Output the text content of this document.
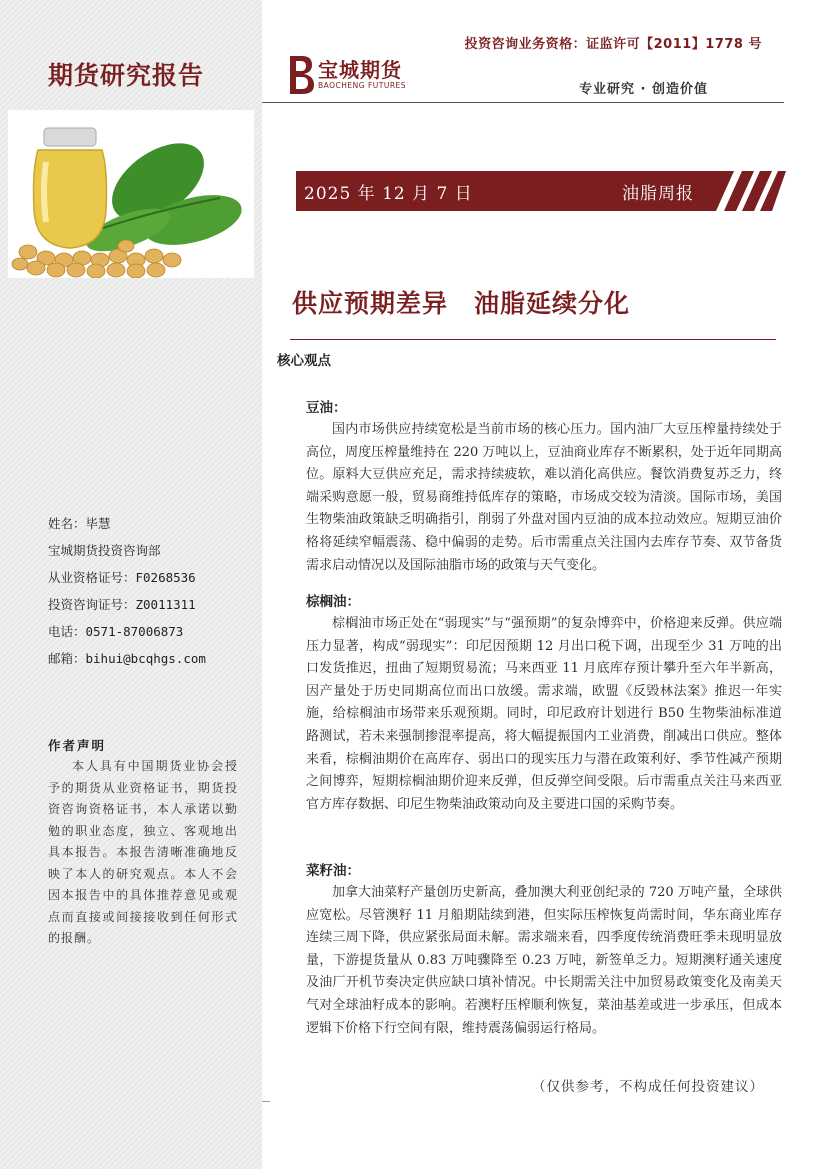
期货研究报告
姓名：毕慧
宝城期货投资咨询部
从业资格证号：F0268536
投资咨询证号：Z0011311
电话：0571-87006873
邮箱：bihui@bcqhgs.com
作者声明
本人具有中国期货业协会授予的期货从业资格证书，期货投资咨询资格证书，本人承诺以勤勉的职业态度，独立、客观地出具本报告。本报告清晰准确地反映了本人的研究观点。本人不会因本报告中的具体推荐意见或观点而直接或间接接收到任何形式的报酬。
投资咨询业务资格：证监许可【2011】1778 号
宝城期货
BAOCHENG FUTURES	专业研究 · 创造价值
2025 年 12 月 7 日	油脂周报
供应预期差异　油脂延续分化
核心观点
豆油：
国内市场供应持续宽松是当前市场的核心压力。国内油厂大豆压榨量持续处于高位，周度压榨量维持在 220 万吨以上，豆油商业库存不断累积，处于近年同期高位。原料大豆供应充足，需求持续疲软，难以消化高供应。餐饮消费复苏乏力，终端采购意愿一般，贸易商维持低库存的策略，市场成交较为清淡。国际市场，美国生物柴油政策缺乏明确指引，削弱了外盘对国内豆油的成本拉动效应。短期豆油价格将延续窄幅震荡、稳中偏弱的走势。后市需重点关注国内去库存节奏、双节备货需求启动情况以及国际油脂市场的政策与天气变化。
棕榈油：
棕榈油市场正处在“弱现实”与“强预期”的复杂博弈中，价格迎来反弹。供应端压力显著，构成“弱现实”：印尼因预期 12 月出口税下调，出现至少 31 万吨的出口发货推迟，扭曲了短期贸易流；马来西亚 11 月底库存预计攀升至六年半新高，因产量处于历史同期高位而出口放缓。需求端，欧盟《反毁林法案》推迟一年实施，给棕榈油市场带来乐观预期。同时，印尼政府计划进行 B50 生物柴油标准道路测试，若未来强制掺混率提高，将大幅提振国内工业消费，削减出口供应。整体来看，棕榈油期价在高库存、弱出口的现实压力与潜在政策利好、季节性减产预期之间博弈，短期棕榈油期价迎来反弹，但反弹空间受限。后市需重点关注马来西亚官方库存数据、印尼生物柴油政策动向及主要进口国的采购节奏。
菜籽油：
加拿大油菜籽产量创历史新高，叠加澳大利亚创纪录的 720 万吨产量，全球供应宽松。尽管澳籽 11 月船期陆续到港，但实际压榨恢复尚需时间，华东商业库存连续三周下降，供应紧张局面未解。需求端来看，四季度传统消费旺季未现明显放量，下游提货量从 0.83 万吨骤降至 0.23 万吨，新签单乏力。短期澳籽通关速度及油厂开机节奏决定供应缺口填补情况。中长期需关注中加贸易政策变化及南美天气对全球油籽成本的影响。若澳籽压榨顺利恢复，菜油基差或进一步承压，但成本逻辑下价格下行空间有限，维持震荡偏弱运行格局。
（仅供参考，不构成任何投资建议）
